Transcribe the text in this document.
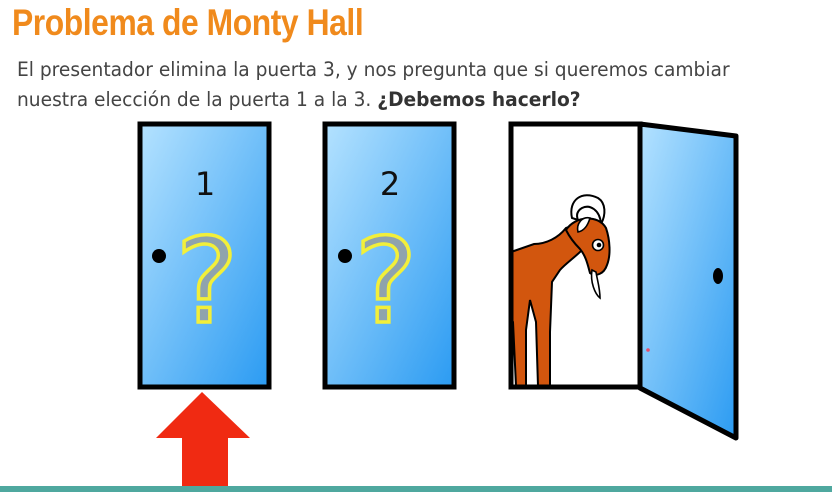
Problema de Monty Hall

El presentador elimina la puerta 3, y nos pregunta que si queremos cambiar nuestra elección de la puerta 1 a la 3. ¿Debemos hacerlo?

1
?
2
?
